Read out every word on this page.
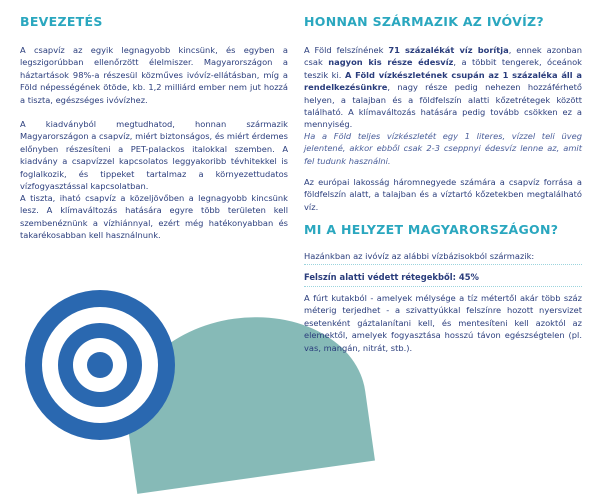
BEVEZETÉS

A csapvíz az egyik legnagyobb kincsünk, és egyben a legszigorúbban ellenőrzött élelmiszer. Magyarországon a háztartások 98%-a részesül közműves ivóvíz-ellátásban, míg a Föld népességének ötöde, kb. 1,2 milliárd ember nem jut hozzá a tiszta, egészséges ivóvízhez.

A kiadványból megtudhatod, honnan származik Magyarországon a csapvíz, miért biztonságos, és miért érdemes előnyben részesíteni a PET-palackos italokkal szemben. A kiadvány a csapvízzel kapcsolatos leggyakoribb tévhitekkel is foglalkozik, és tippeket tartalmaz a környezettudatos vízfogyasztással kapcsolatban.

A tiszta, iható csapvíz a közeljövőben a legnagyobb kincsünk lesz. A klímaváltozás hatására egyre több területen kell szembenéznünk a vízhiánnyal, ezért még hatékonyabban és takarékosabban kell használnunk.

HONNAN SZÁRMAZIK AZ IVÓVÍZ?

A Föld felszínének 71 százalékát víz borítja, ennek azonban csak nagyon kis része édesvíz, a többit tengerek, óceánok teszik ki. A Föld vízkészletének csupán az 1 százaléka áll a rendelkezésünkre, nagy része pedig nehezen hozzáférhető helyen, a talajban és a földfelszín alatti kőzetrétegek között található. A klímaváltozás hatására pedig tovább csökken ez a mennyiség.

Ha a Föld teljes vízkészletét egy 1 literes, vízzel teli üveg jelentené, akkor ebből csak 2-3 cseppnyi édesvíz lenne az, amit fel tudunk használni.

Az európai lakosság háromnegyede számára a csapvíz forrása a földfelszín alatt, a talajban és a víztartó kőzetekben megtalálható víz.

MI A HELYZET MAGYARORSZÁGON?

Hazánkban az ivóvíz az alábbi vízbázisokból származik:

Felszín alatti védett rétegekből: 45%

A fúrt kutakból - amelyek mélysége a tíz métertől akár több száz méterig terjedhet - a szivattyúkkal felszínre hozott nyersvizet esetenként gáztalanítani kell, és mentesíteni kell azoktól az elemektől, amelyek fogyasztása hosszú távon egészségtelen (pl. vas, mangán, nitrát, stb.).
